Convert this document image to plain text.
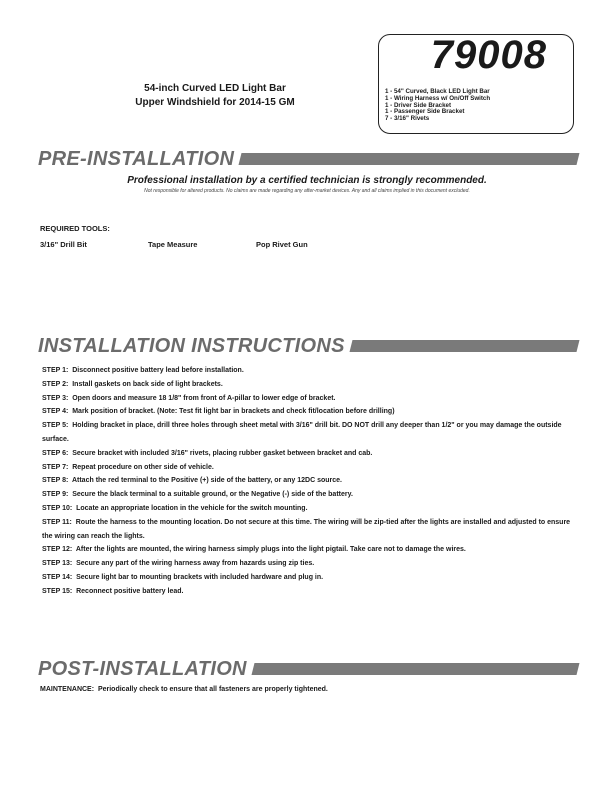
54-inch Curved LED Light Bar
Upper Windshield for 2014-15 GM
79008
1 - 54" Curved, Black LED Light Bar
1 - Wiring Harness w/ On/Off Switch
1 - Driver Side Bracket
1 - Passenger Side Bracket
7 - 3/16" Rivets
PRE-INSTALLATION
Professional installation by a certified technician is strongly recommended.
Not responsible for altered products. No claims are made regarding any after-market devices. Any and all claims implied in this document excluded.
REQUIRED TOOLS:
3/16" Drill Bit	Tape Measure	Pop Rivet Gun
INSTALLATION INSTRUCTIONS

STEP 1: Disconnect positive battery lead before installation.

STEP 2: Install gaskets on back side of light brackets.

STEP 3: Open doors and measure 18 1/8" from front of A-pillar to lower edge of bracket.

STEP 4: Mark position of bracket. (Note: Test fit light bar in brackets and check fit/location before drilling)

STEP 5: Holding bracket in place, drill three holes through sheet metal with 3/16" drill bit. DO NOT drill any deeper than 1/2" or you may damage the outside surface.

STEP 6: Secure bracket with included 3/16" rivets, placing rubber gasket between bracket and cab.

STEP 7: Repeat procedure on other side of vehicle.

STEP 8: Attach the red terminal to the Positive (+) side of the battery, or any 12DC source.

STEP 9: Secure the black terminal to a suitable ground, or the Negative (-) side of the battery.

STEP 10: Locate an appropriate location in the vehicle for the switch mounting.

STEP 11: Route the harness to the mounting location. Do not secure at this time. The wiring will be zip-tied after the lights are installed and adjusted to ensure the wiring can reach the lights.

STEP 12: After the lights are mounted, the wiring harness simply plugs into the light pigtail. Take care not to damage the wires.

STEP 13: Secure any part of the wiring harness away from hazards using zip ties.

STEP 14: Secure light bar to mounting brackets with included hardware and plug in.

STEP 15: Reconnect positive battery lead.

POST-INSTALLATION
MAINTENANCE: Periodically check to ensure that all fasteners are properly tightened.
